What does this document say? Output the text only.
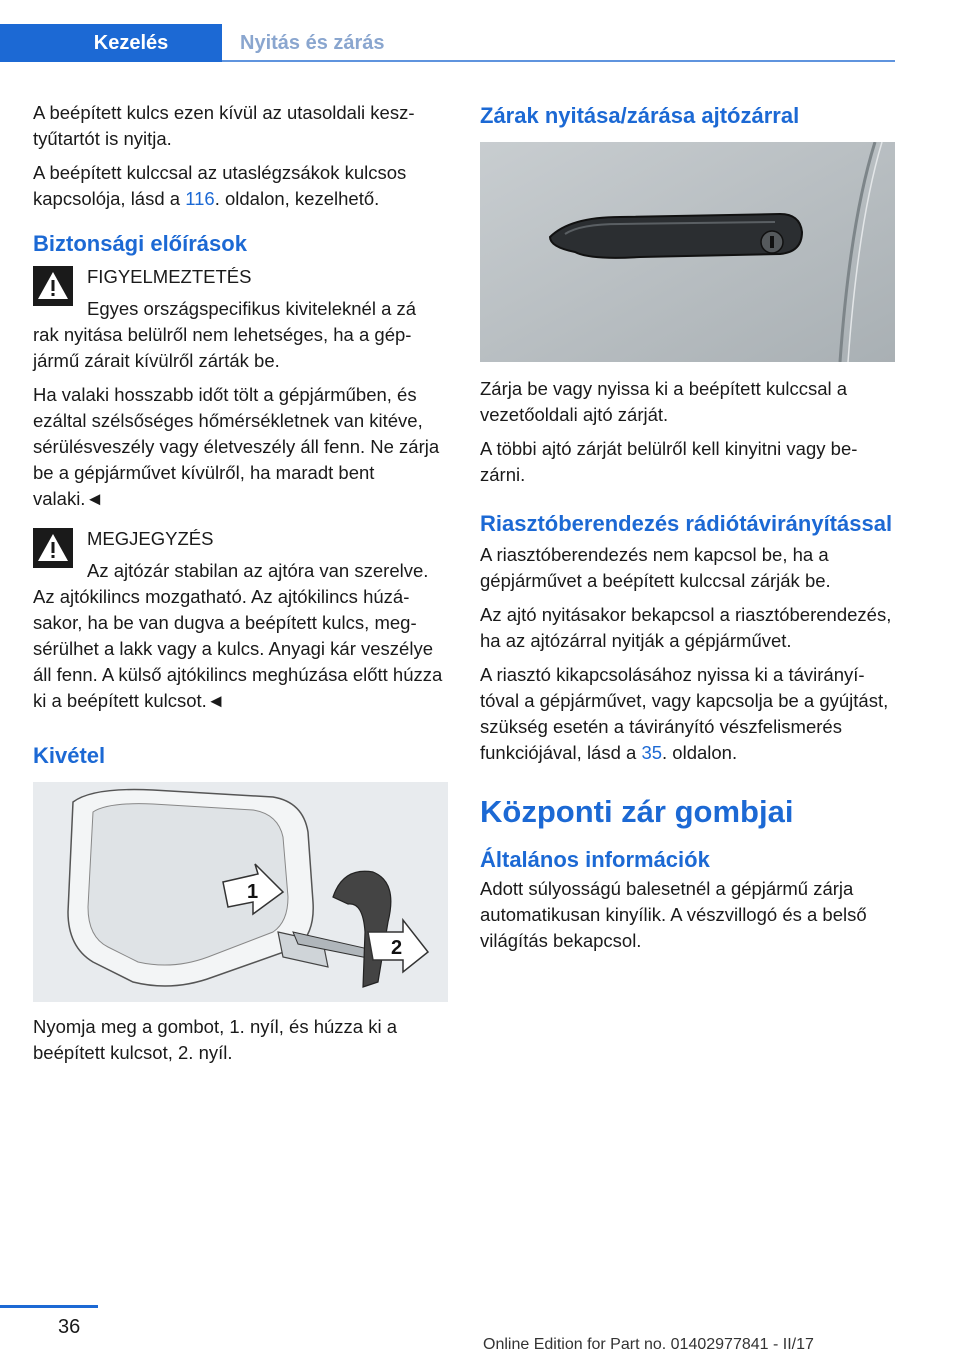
Kezelés	Nyitás és zárás

A beépített kulcs ezen kívül az utasoldali kesztyűtartót is nyitja.

A beépített kulccsal az utaslégzsákok kulcsos kapcsolója, lásd a 116. oldalon, kezelhető.

Biztonsági előírások

FIGYELMEZTETÉS

Egyes országspecifikus kiviteleknél a zá

rak nyitása belülről nem lehetséges, ha a gépjármű zárait kívülről zárták be.

Ha valaki hosszabb időt tölt a gépjárműben, és ezáltal szélsőséges hőmérsékletnek van kitéve, sérülésveszély vagy életveszély áll fenn. Ne zárja be a gépjárművet kívülről, ha maradt bent valaki.◄

MEGJEGYZÉS

Az ajtózár stabilan az ajtóra van szerelve.

Az ajtókilincs mozgatható. Az ajtókilincs húzásakor, ha be van dugva a beépített kulcs, megsérülhet a lakk vagy a kulcs. Anyagi kár veszélye áll fenn. A külső ajtókilincs meghúzása előtt húzza ki a beépített kulcsot.◄

Kivétel
1
2

Nyomja meg a gombot, 1. nyíl, és húzza ki a beépített kulcsot, 2. nyíl.

Zárak nyitása/zárása ajtózárral

Zárja be vagy nyissa ki a beépített kulccsal a vezetőoldali ajtó zárját.

A többi ajtó zárját belülről kell kinyitni vagy bezárni.

Riasztóberendezés rádiótávirányítással

A riasztóberendezés nem kapcsol be, ha a gépjárművet a beépített kulccsal zárják be.

Az ajtó nyitásakor bekapcsol a riasztóberendezés, ha az ajtózárral nyitják a gépjárművet.

A riasztó kikapcsolásához nyissa ki a távirányítóval a gépjárművet, vagy kapcsolja be a gyújtást, szükség esetén a távirányító vészfelismerés funkciójával, lásd a 35. oldalon.

Központi zár gombjai
Általános információk

Adott súlyosságú balesetnél a gépjármű zárja automatikusan kinyílik. A vészvillogó és a belső világítás bekapcsol.

36
Online Edition for Part no. 01402977841 - II/17
